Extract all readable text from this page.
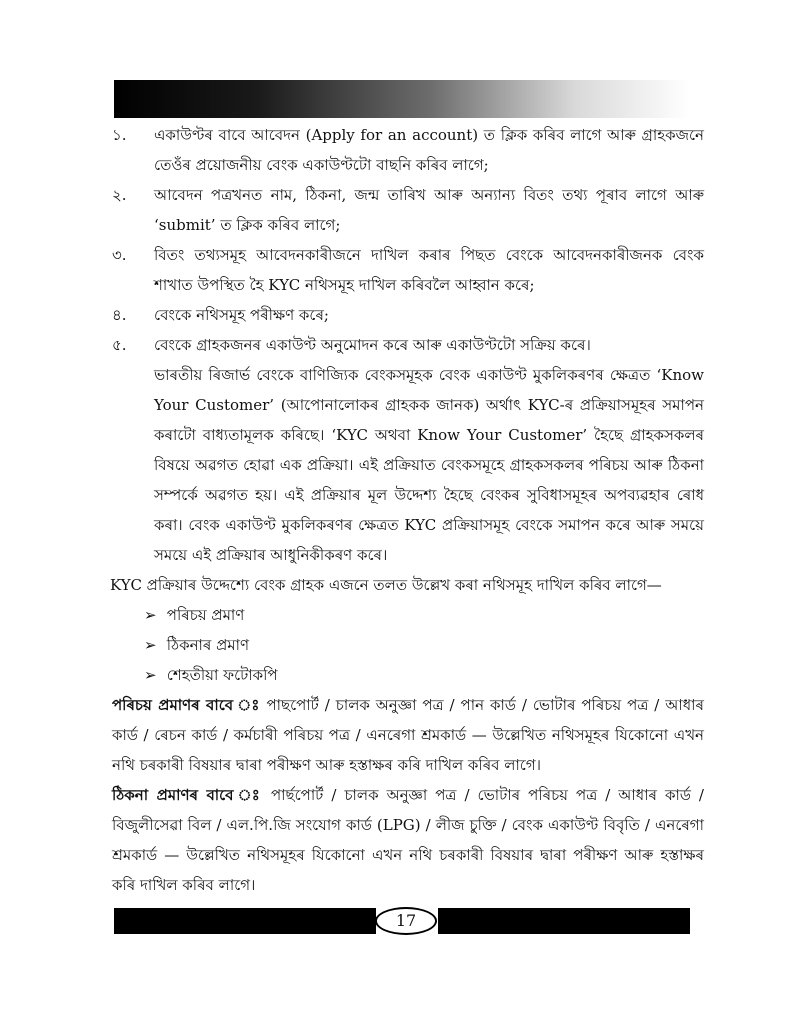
১. একাউণ্টৰ বাবে আবেদন (Apply for an account) ত ক্লিক কৰিব লাগে আৰু গ্ৰাহকজনে তেওঁৰ প্ৰয়োজনীয় বেংক একাউণ্টটো বাছনি কৰিব লাগে;
২. আবেদন পত্ৰখনত নাম, ঠিকনা, জন্ম তাৰিখ আৰু অন্যান্য বিতং তথ্য পূৰাব লাগে আৰু ‘submit’ ত ক্লিক কৰিব লাগে;
৩. বিতং তথ্যসমূহ আবেদনকাৰীজনে দাখিল কৰাৰ পিছত বেংকে আবেদনকাৰীজনক বেংক শাখাত উপস্থিত হৈ KYC নথিসমূহ দাখিল কৰিবলৈ আহ্বান কৰে;
৪. বেংকে নথিসমূহ পৰীক্ষণ কৰে;
৫. বেংকে গ্ৰাহকজনৰ একাউণ্ট অনুমোদন কৰে আৰু একাউণ্টটো সক্ৰিয় কৰে।
ভাৰতীয় ৰিজাৰ্ভ বেংকে বাণিজ্যিক বেংকসমূহক বেংক একাউণ্ট মুকলিকৰণৰ ক্ষেত্ৰত ‘Know Your Customer’ (আপোনালোকৰ গ্ৰাহকক জানক) অৰ্থাৎ KYC-ৰ প্ৰক্ৰিয়াসমূহৰ সমাপন কৰাটো বাধ্যতামূলক কৰিছে। ‘KYC অথবা Know Your Customer’ হৈছে গ্ৰাহকসকলৰ বিষয়ে অৱগত হোৱা এক প্ৰক্ৰিয়া। এই প্ৰক্ৰিয়াত বেংকসমূহে গ্ৰাহকসকলৰ পৰিচয় আৰু ঠিকনা সম্পৰ্কে অৱগত হয়। এই প্ৰক্ৰিয়াৰ মূল উদ্দেশ্য হৈছে বেংকৰ সুবিধাসমূহৰ অপব্যৱহাৰ ৰোধ কৰা। বেংক একাউণ্ট মুকলিকৰণৰ ক্ষেত্ৰত KYC প্ৰক্ৰিয়াসমূহ বেংকে সমাপন কৰে আৰু সময়ে সময়ে এই প্ৰক্ৰিয়াৰ আধুনিকীকৰণ কৰে।
KYC প্ৰক্ৰিয়াৰ উদ্দেশ্যে বেংক গ্ৰাহক এজনে তলত উল্লেখ কৰা নথিসমূহ দাখিল কৰিব লাগে—
➢ পৰিচয় প্ৰমাণ
➢ ঠিকনাৰ প্ৰমাণ
➢ শেহতীয়া ফটোকপি
পৰিচয় প্ৰমাণৰ বাবে ঃ পাছপোৰ্ট / চালক অনুজ্ঞা পত্ৰ / পান কাৰ্ড / ভোটাৰ পৰিচয় পত্ৰ / আধাৰ কাৰ্ড / ৰেচন কাৰ্ড / কৰ্মচাৰী পৰিচয় পত্ৰ / এনৰেগা শ্ৰমকাৰ্ড — উল্লেখিত নথিসমূহৰ যিকোনো এখন নথি চৰকাৰী বিষয়াৰ দ্বাৰা পৰীক্ষণ আৰু হস্তাক্ষৰ কৰি দাখিল কৰিব লাগে।
ঠিকনা প্ৰমাণৰ বাবে ঃ পাৰ্ছপোৰ্ট / চালক অনুজ্ঞা পত্ৰ / ভোটাৰ পৰিচয় পত্ৰ / আধাৰ কাৰ্ড / বিজুলীসেৱা বিল / এল.পি.জি সংযোগ কাৰ্ড (LPG) / লীজ চুক্তি / বেংক একাউণ্ট বিবৃতি / এনৰেগা শ্ৰমকাৰ্ড — উল্লেখিত নথিসমূহৰ যিকোনো এখন নথি চৰকাৰী বিষয়াৰ দ্বাৰা পৰীক্ষণ আৰু হস্তাক্ষৰ কৰি দাখিল কৰিব লাগে।
17
